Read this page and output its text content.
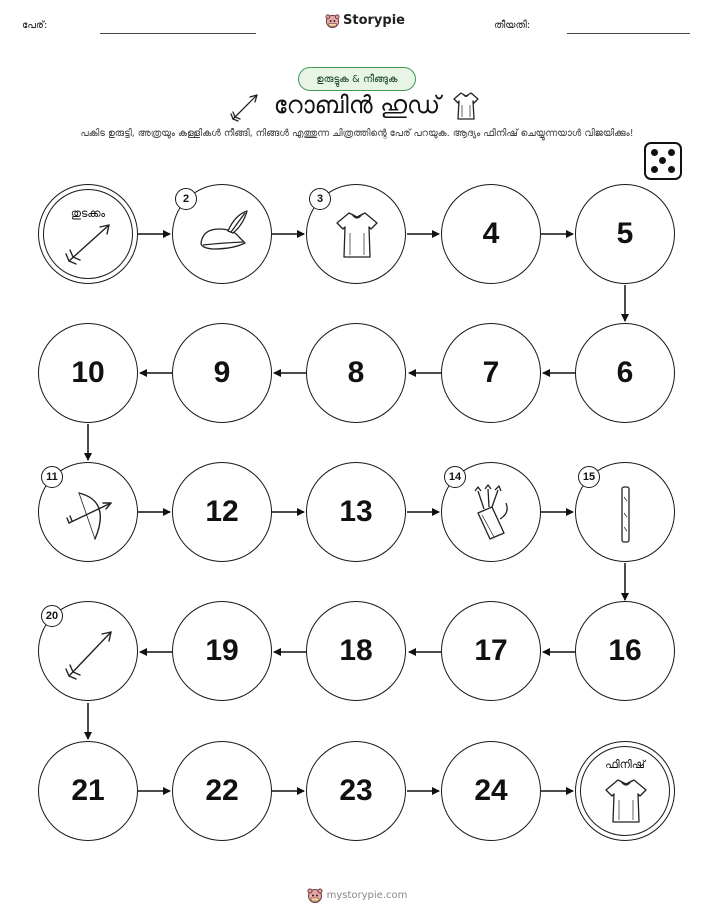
പേര്:	Storypie	തീയതി:
ഉരുട്ടുക & നീങ്ങുക
റോബിൻ ഹുഡ്
പകിട ഉരുട്ടി, അത്രയും കള്ളികൾ നീങ്ങി, നിങ്ങൾ എത്തുന്ന ചിത്രത്തിന്റെ പേര് പറയുക. ആദ്യം ഫിനിഷ് ചെയ്യുന്നയാൾ വിജയിക്കും!
തുടക്കം
2	3
4	5
6
7
8
9
10
11
12	13
14	15
16
17
18
19
20
21	22	23	24
ഫിനിഷ്
mystorypie.com
